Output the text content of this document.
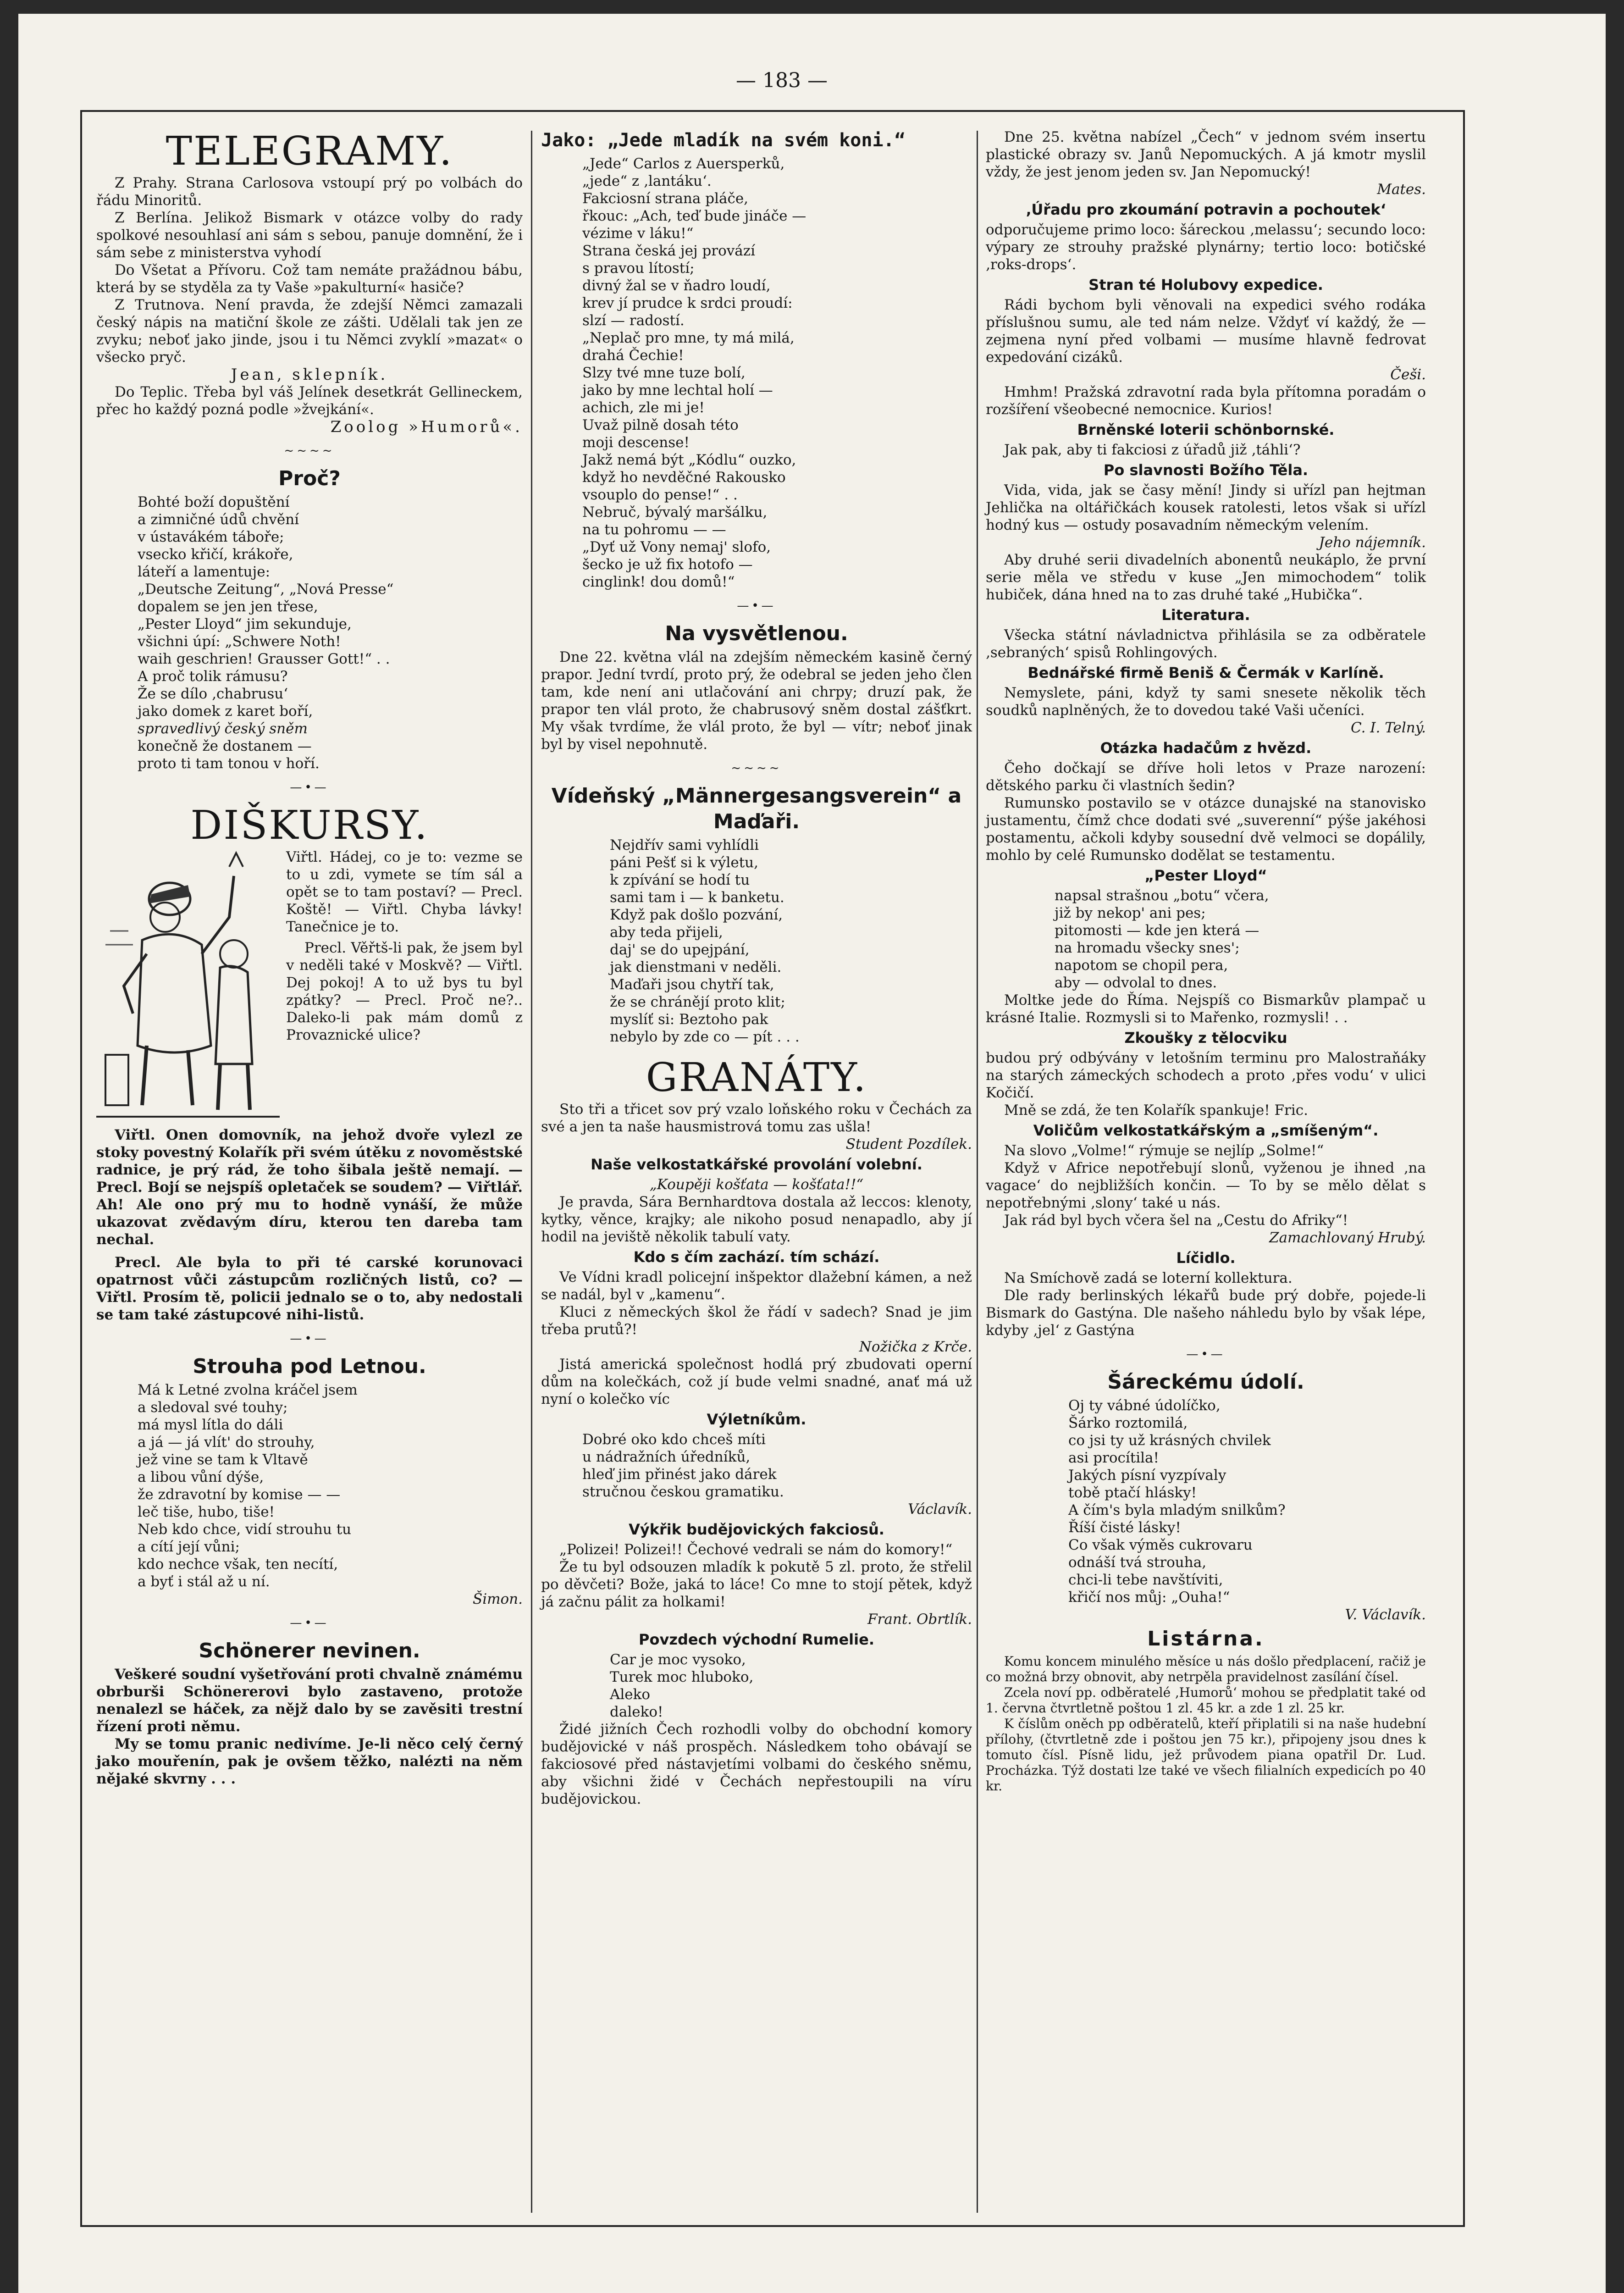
— 183 —
TELEGRAMY.

Z Prahy. Strana Carlosova vstoupí prý po volbách do řádu Minoritů.

Z Berlína. Jelikož Bismark v otázce volby do rady spolkové nesouhlasí ani sám s sebou, panuje domnění, že i sám sebe z ministerstva vyhodí

Do Všetat a Přívoru. Což tam nemáte pražádnou bábu, která by se styděla za ty Vaše »pakulturní« hasiče?

Z Trutnova. Není pravda, že zdejší Němci zamazali český nápis na matiční škole ze zášti. Udělali tak jen ze zvyku; neboť jako jinde, jsou i tu Němci zvyklí »mazat« o všecko pryč.

Jean, sklepník.

Do Teplic. Třeba byl váš Jelínek desetkrát Gellineckem, přec ho každý pozná podle »žvejkání«.

Zoolog »Humorů«.

~~~~
Proč?

Bohté boží dopuštění

a zimničné údů chvění

v ústavákém táboře;

vsecko křičí, krákoře,

láteří a lamentuje:

„Deutsche Zeitung“, „Nová Presse“

dopalem se jen jen třese,

„Pester Lloyd“ jim sekunduje,

všichni úpí: „Schwere Noth!

waih geschrien! Grausser Gott!“ . .

A proč tolik rámusu?

Že se dílo ‚chabrusu‘

jako domek z karet boří,

spravedlivý český sněm

konečně že dostanem —

proto ti tam tonou v hoří.

—•—
DIŠKURSY.

Viřtl. Hádej, co je to: vezme se to u zdi, vymete se tím sál a opět se to tam postaví? — Precl. Koště! — Viřtl. Chyba lávky! Tanečnice je to.

Precl. Věřtš-li pak, že jsem byl v neděli také v Moskvě? — Viřtl. Dej pokoj! A to už bys tu byl zpátky? — Precl. Proč ne?.. Daleko-li pak mám domů z Provaznické ulice?

Viřtl. Onen domovník, na jehož dvoře vylezl ze stoky povestný Kolařík při svém útěku z novoměstské radnice, je prý rád, že toho šibala ještě nemají. — Precl. Bojí se nejspíš opletaček se soudem? — Viřtlář. Ah! Ale ono prý mu to hodně vynáší, že může ukazovat zvědavým díru, kterou ten dareba tam nechal.

Precl. Ale byla to při té carské korunovaci opatrnost vůči zástupcům rozličných listů, co? — Viřtl. Prosím tě, policii jednalo se o to, aby nedostali se tam také zástupcové nihi-listů.

—•—
Strouha pod Letnou.

Má k Letné zvolna kráčel jsem

a sledoval své touhy;

má mysl lítla do dáli

a já — já vlít' do strouhy,

jež vine se tam k Vltavě

a libou vůní dýše,

že zdravotní by komise — —

leč tiše, hubo, tiše!

Neb kdo chce, vidí strouhu tu

a cítí její vůni;

kdo nechce však, ten necítí,

a byť i stál až u ní.

Šimon.

—•—
Schönerer nevinen.

Veškeré soudní vyšetřování proti chvalně známému obrburši Schönererovi bylo zastaveno, protože nenalezl se háček, za nějž dalo by se zavěsiti trestní řízení proti němu.

My se tomu pranic nedivíme. Je-li něco celý černý jako mouřenín, pak je ovšem těžko, nalézti na něm nějaké skvrny . . .

Jako: „Jede mladík na svém koni.“

„Jede“ Carlos z Auersperků,

„jede“ z ‚lantáku‘.

Fakciosní strana pláče,

řkouc: „Ach, teď bude jináče —

vézime v láku!“

Strana česká jej provází

s pravou lítostí;

divný žal se v ňadro loudí,

krev jí prudce k srdci proudí:

slzí — radostí.

„Neplač pro mne, ty má milá,

drahá Čechie!

Slzy tvé mne tuze bolí,

jako by mne lechtal holí —

achich, zle mi je!

Uvaž pilně dosah této

moji descense!

Jakž nemá být „Kódlu“ ouzko,

když ho nevděčné Rakousko

vsouplo do pense!“ . .

Nebruč, bývalý maršálku,

na tu pohromu — —

„Dyť už Vony nemaj' slofo,

šecko je už fix hotofo —

cinglink! dou domů!“

—•—
Na vysvětlenou.

Dne 22. května vlál na zdejším německém kasině černý prapor. Jední tvrdí, proto prý, že odebral se jeden jeho člen tam, kde není ani utlačování ani chrpy; druzí pak, že prapor ten vlál proto, že chabrusový sněm dostal zášťkrt. My však tvrdíme, že vlál proto, že byl — vítr; neboť jinak byl by visel nepohnutě.

~~~~
Vídeňský „Männergesangsverein“ a Maďaři.

Nejdřív sami vyhlídli

páni Pešť si k výletu,

k zpívání se hodí tu

sami tam i — k banketu.

Když pak došlo pozvání,

aby teda přijeli,

daj' se do upejpání,

jak dienstmani v neděli.

Maďaři jsou chytří tak,

že se chránějí proto klit;

myslíť si: Beztoho pak

nebylo by zde co — pít . . .

GRANÁTY.

Sto tři a třicet sov prý vzalo loňského roku v Čechách za své a jen ta naše hausmistrová tomu zas ušla!

Student Pozdílek.

Naše velkostatkářské provolání volební.

„Koupěji košťata — košťata!!“

Je pravda, Sára Bernhardtova dostala až leccos: klenoty, kytky, věnce, krajky; ale nikoho posud nenapadlo, aby jí hodil na jeviště několik tabulí vaty.

Kdo s čím zachází. tím schází.

Ve Vídni kradl policejní inšpektor dlažební kámen, a než se nadál, byl v „kamenu“.

Kluci z německých škol že řádí v sadech? Snad je jim třeba prutů?!

Nožička z Krče.

Jistá americká společnost hodlá prý zbudovati operní dům na kolečkách, což jí bude velmi snadné, anať má už nyní o kolečko víc

Výletníkům.

Dobré oko kdo chceš míti

u nádražních úředníků,

hleď jim přinést jako dárek

stručnou českou gramatiku.

Václavík.

Výkřik budějovických fakciosů.

„Polizei! Polizei!! Čechové vedrali se nám do komory!“

Že tu byl odsouzen mladík k pokutě 5 zl. proto, že střelil po děvčeti? Bože, jaká to láce! Co mne to stojí pětek, když já začnu pálit za holkami!

Frant. Obrtlík.

Povzdech východní Rumelie.

Car je moc vysoko,

Turek moc hluboko,

Aleko

daleko!

Židé jižních Čech rozhodli volby do obchodní komory budějovické v náš prospěch. Následkem toho obávají se fakciosové před nástavjetími volbami do českého sněmu, aby všichni židé v Čechách nepřestoupili na víru budějovickou.

Dne 25. května nabízel „Čech“ v jednom svém insertu plastické obrazy sv. Janů Nepomuckých. A já kmotr myslil vždy, že jest jenom jeden sv. Jan Nepomucký!

Mates.

‚Úřadu pro zkoumání potravin a pochoutek‘

odporučujeme primo loco: šáreckou ‚melassu‘; secundo loco: výpary ze strouhy pražské plynárny; tertio loco: botičské ‚roks-drops‘.

Stran té Holubovy expedice.

Rádi bychom byli věnovali na expedici svého rodáka příslušnou sumu, ale ted nám nelze. Vždyť ví každý, že — zejmena nyní před volbami — musíme hlavně fedrovat expedování cizáků.

Češi.

Hmhm! Pražská zdravotní rada byla přítomna poradám o rozšíření všeobecné nemocnice. Kurios!

Brněnské loterii schönbornské.

Jak pak, aby ti fakciosi z úřadů již ‚táhli‘?

Po slavnosti Božího Těla.

Vida, vida, jak se časy mění! Jindy si uřízl pan hejtman Jehlička na oltářičkách kousek ratolesti, letos však si uřízl hodný kus — ostudy posavadním německým velením.

Jeho nájemník.

Aby druhé serii divadelních abonentů neukáplo, že první serie měla ve středu v kuse „Jen mimochodem“ tolik hubiček, dána hned na to zas druhé také „Hubička“.

Literatura.

Všecka státní návladnictva přihlásila se za odběratele ‚sebraných‘ spisů Rohlingových.

Bednářské firmě Beniš & Čermák v Karlíně.

Nemyslete, páni, když ty sami snesete několik těch soudků naplněných, že to dovedou také Vaši učeníci.

C. I. Telný.

Otázka hadačům z hvězd.

Čeho dočkají se dříve holi letos v Praze narození: dětského parku či vlastních šedin?

Rumunsko postavilo se v otázce dunajské na stanovisko justamentu, čímž chce dodati své „suverenní“ pýše jakéhosi postamentu, ačkoli kdyby sousední dvě velmoci se dopálily, mohlo by celé Rumunsko dodělat se testamentu.

„Pester Lloyd“

napsal strašnou „botu“ včera,

již by nekop' ani pes;

pitomosti — kde jen která —

na hromadu všecky snes';

napotom se chopil pera,

aby — odvolal to dnes.

Moltke jede do Říma. Nejspíš co Bismarkův plampač u krásné Italie. Rozmysli si to Mařenko, rozmysli! . .

Zkoušky z tělocviku

budou prý odbývány v letošním terminu pro Malostraňáky na starých zámeckých schodech a proto ‚přes vodu‘ v ulici Kočičí.

Mně se zdá, že ten Kolařík spankuje! Fric.

Voličům velkostatkářským a „smíšeným“.

Na slovo „Volme!“ rýmuje se nejlíp „Solme!“

Když v Africe nepotřebují slonů, vyženou je ihned ‚na vagace‘ do nejbližších končin. — To by se mělo dělat s nepotřebnými ‚slony‘ také u nás.

Jak rád byl bych včera šel na „Cestu do Afriky“!

Zamachlovaný Hrubý.

Líčidlo.

Na Smíchově zadá se loterní kollektura.

Dle rady berlinských lékařů bude prý dobře, pojede-li Bismark do Gastýna. Dle našeho náhledu bylo by však lépe, kdyby ‚jel‘ z Gastýna

—•—
Šáreckému údolí.

Oj ty vábné údolíčko,

Šárko roztomilá,

co jsi ty už krásných chvilek

asi procítila!

Jakých písní vyzpívaly

tobě ptačí hlásky!

A čím's byla mladým snilkům?

Říší čisté lásky!

Co však výměs cukrovaru

odnáší tvá strouha,

chci-li tebe navštíviti,

křičí nos můj: „Ouha!“

V. Václavík.

Listárna.

Komu koncem minulého měsíce u nás došlo předplacení, račiž je co možná brzy obnovit, aby netrpěla pravidelnost zasílání čísel.

Zcela noví pp. odběratelé ‚Humorů‘ mohou se předplatit také od 1. června čtvrtletně poštou 1 zl. 45 kr. a zde 1 zl. 25 kr.

K číslům oněch pp odběratelů, kteří připlatili si na naše hudební přílohy, (čtvrtletně zde i poštou jen 75 kr.), připojeny jsou dnes k tomuto čísl. Písně lidu, jež průvodem piana opatřil Dr. Lud. Procházka. Týž dostati lze také ve všech filialních expedicích po 40 kr.
